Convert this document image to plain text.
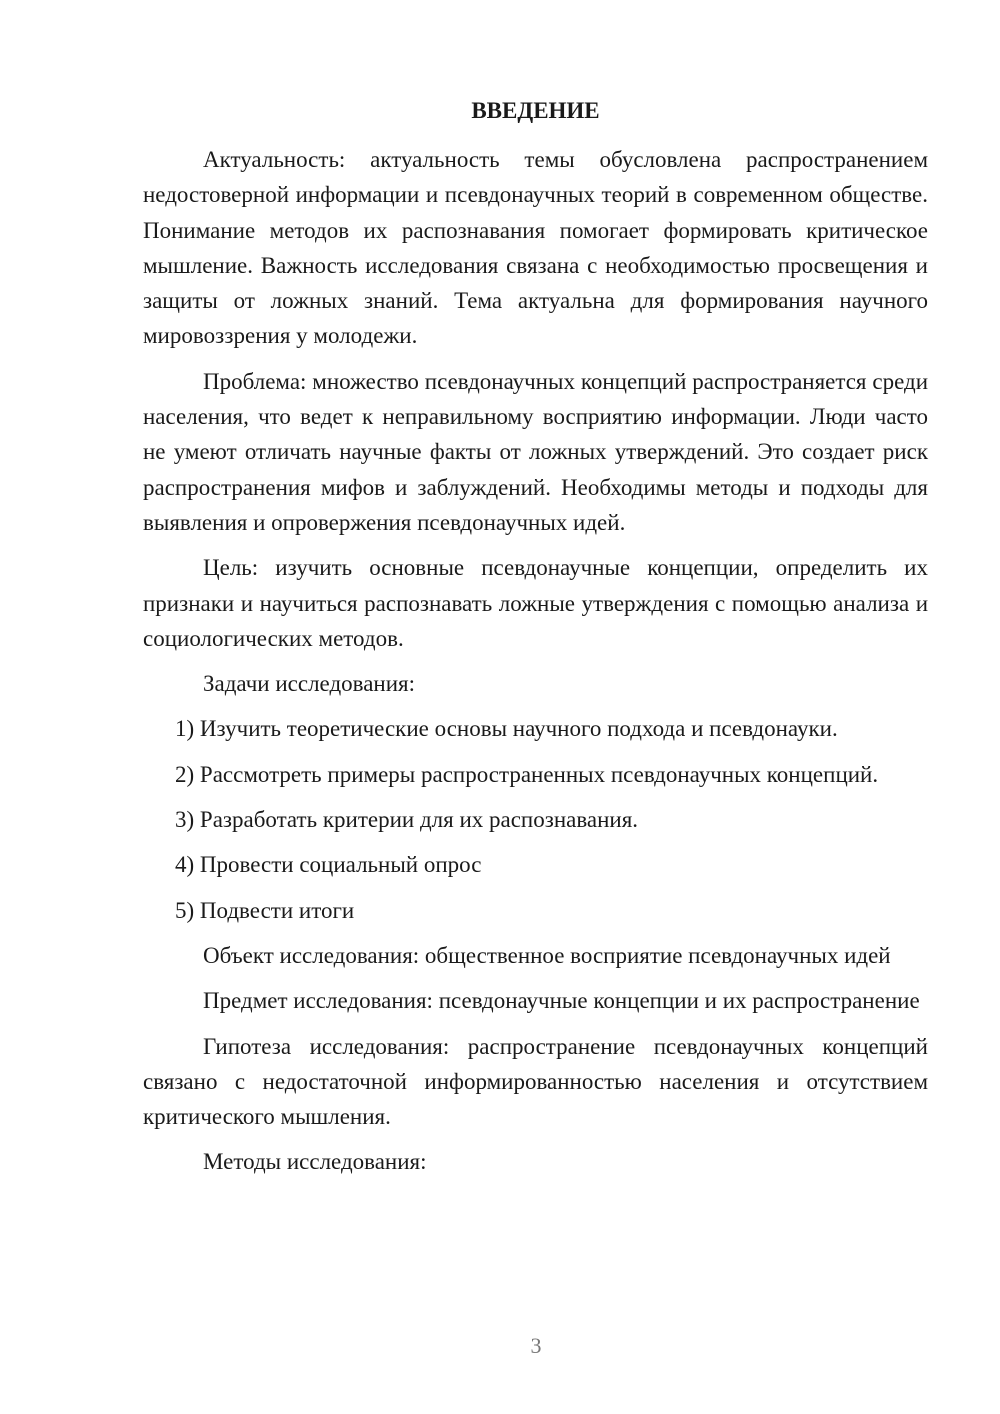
ВВЕДЕНИЕ

Актуальность: актуальность темы обусловлена распространением недостоверной информации и псевдонаучных теорий в современном обществе. Понимание методов их распознавания помогает формировать критическое мышление. Важность исследования связана с необходимостью просвещения и защиты от ложных знаний. Тема актуальна для формирования научного мировоззрения у молодежи.

Проблема: множество псевдонаучных концепций распространяется среди населения, что ведет к неправильному восприятию информации. Люди часто не умеют отличать научные факты от ложных утверждений. Это создает риск распространения мифов и заблуждений. Необходимы методы и подходы для выявления и опровержения псевдонаучных идей.

Цель: изучить основные псевдонаучные концепции, определить их признаки и научиться распознавать ложные утверждения с помощью анализа и социологических методов.

Задачи исследования:

1) Изучить теоретические основы научного подхода и псевдонауки.

2) Рассмотреть примеры распространенных псевдонаучных концепций.

3) Разработать критерии для их распознавания.

4) Провести социальный опрос

5) Подвести итоги

Объект исследования: общественное восприятие псевдонаучных идей

Предмет исследования: псевдонаучные концепции и их распространение

Гипотеза исследования: распространение псевдонаучных концепций связано с недостаточной информированностью населения и отсутствием критического мышления.

Методы исследования:

3
